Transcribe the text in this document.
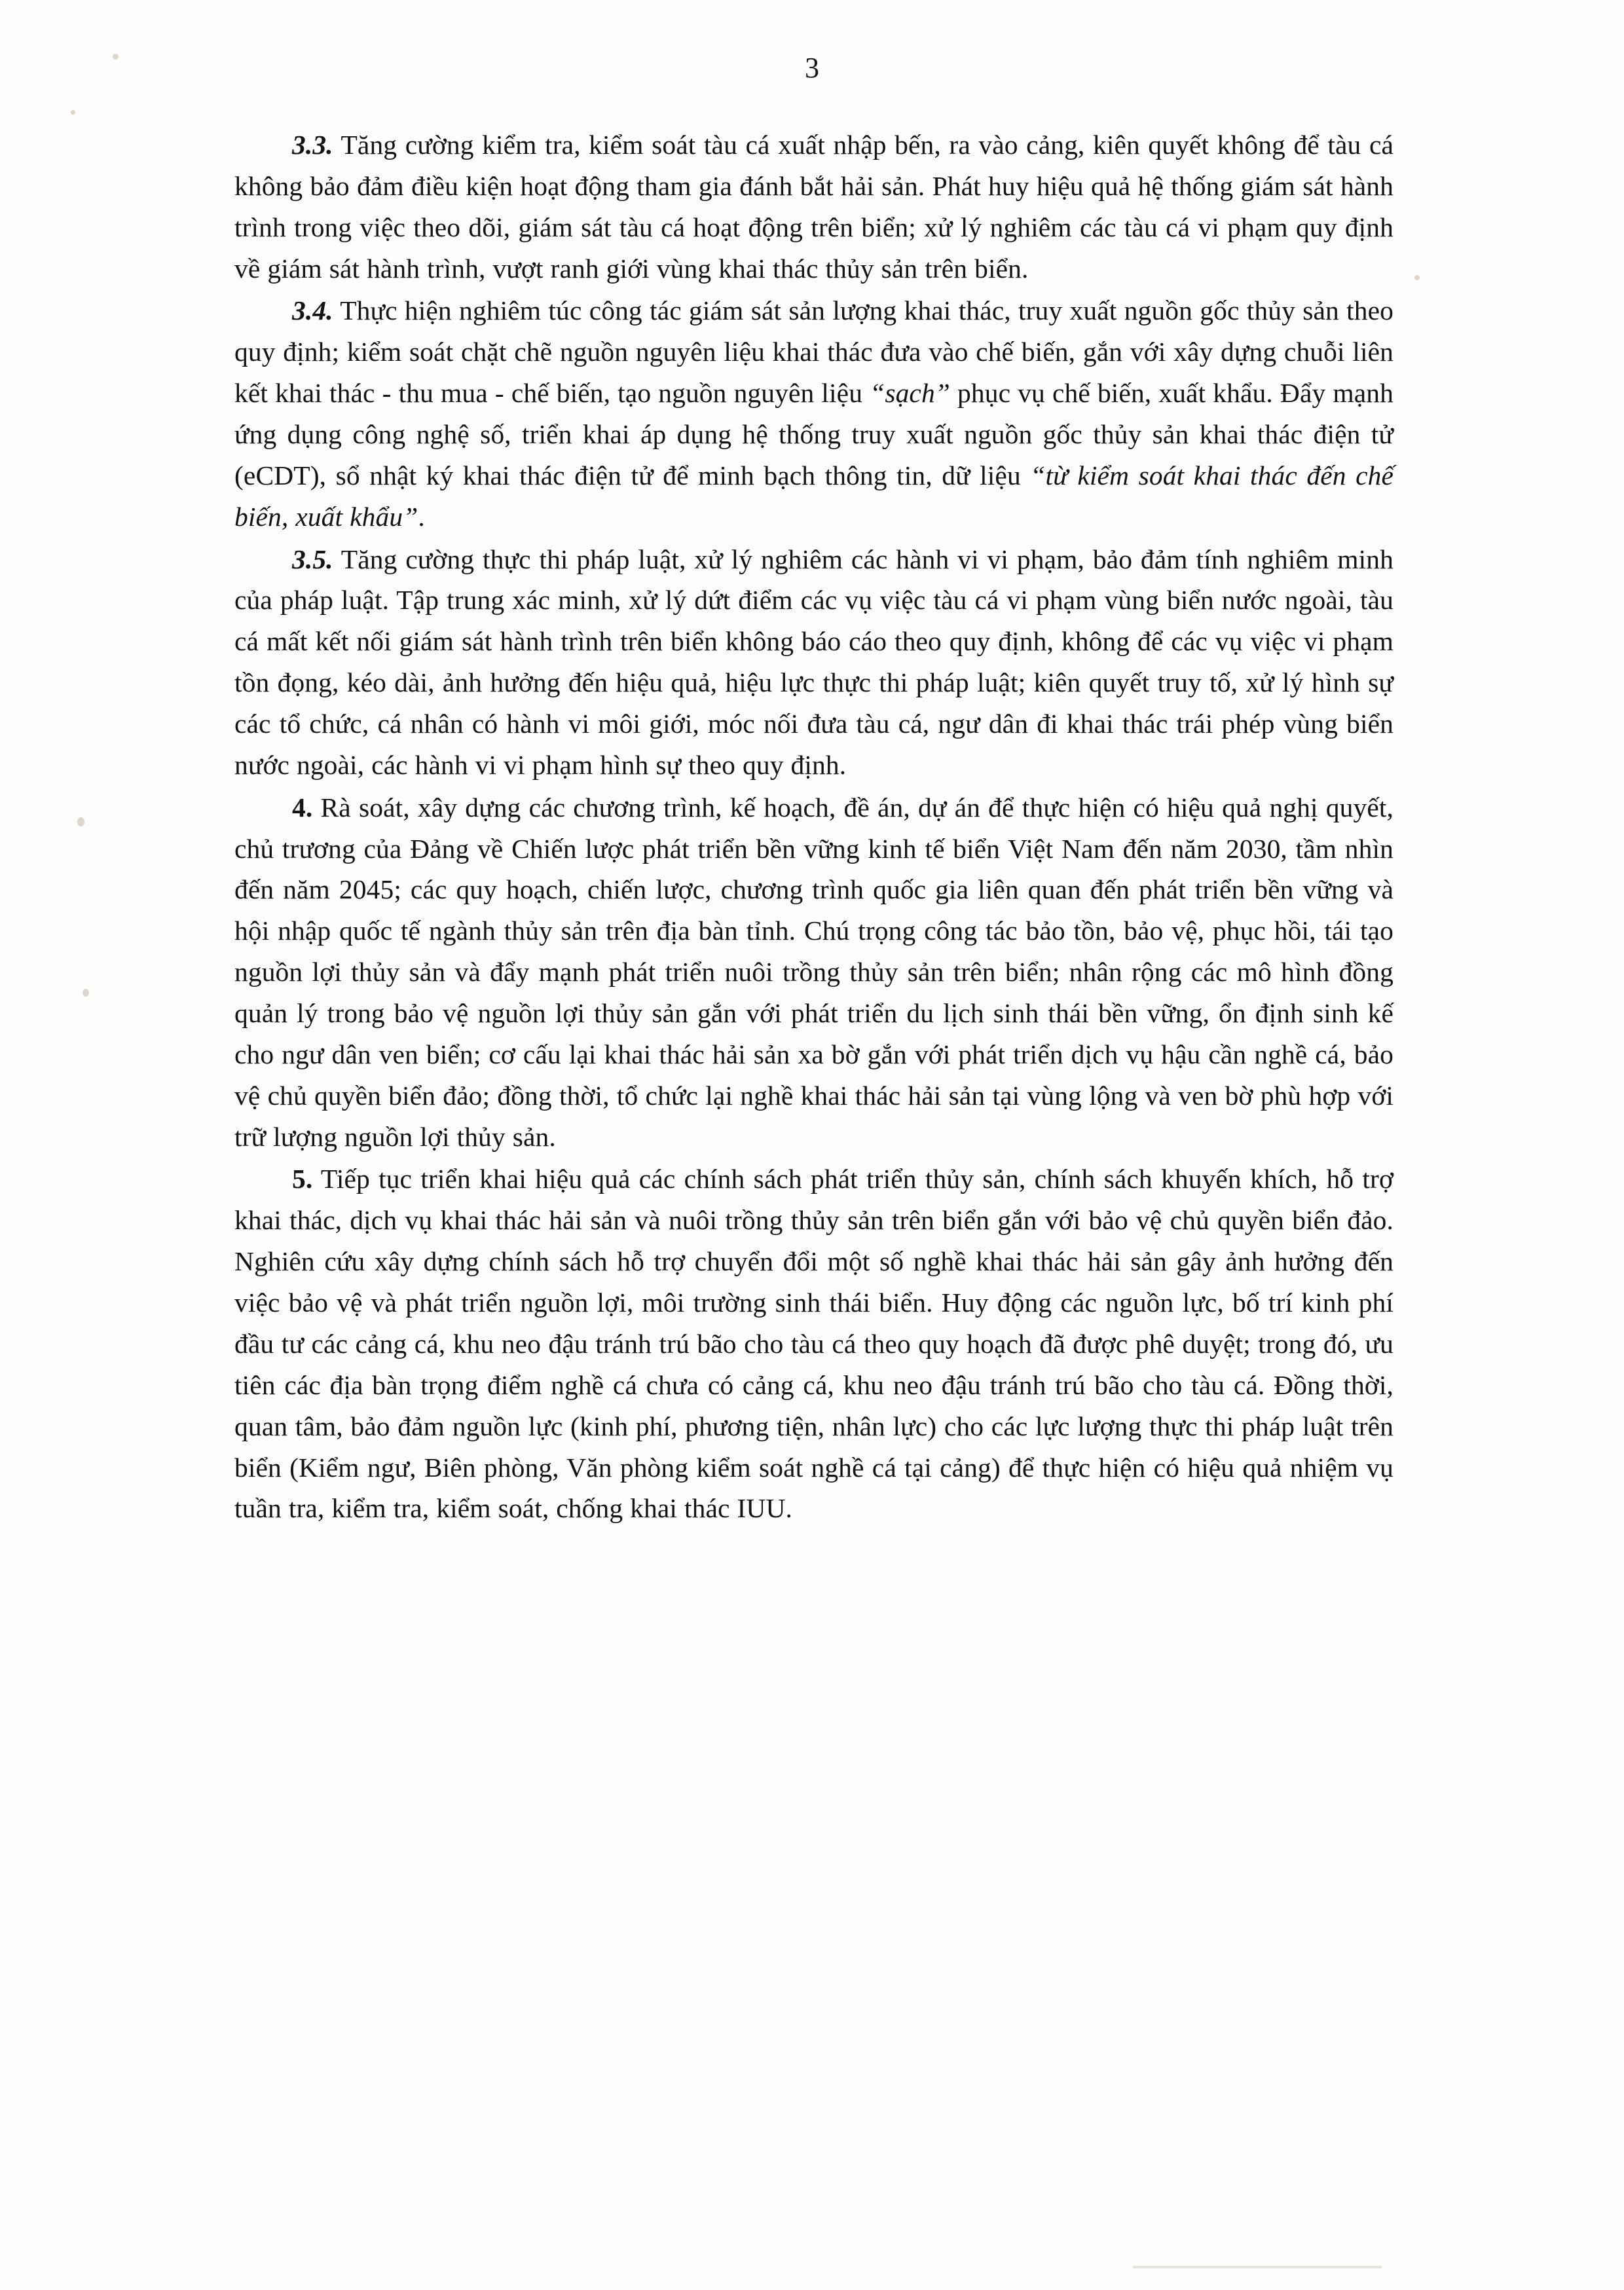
3

3.3. Tăng cường kiểm tra, kiểm soát tàu cá xuất nhập bến, ra vào cảng, kiên quyết không để tàu cá không bảo đảm điều kiện hoạt động tham gia đánh bắt hải sản. Phát huy hiệu quả hệ thống giám sát hành trình trong việc theo dõi, giám sát tàu cá hoạt động trên biển; xử lý nghiêm các tàu cá vi phạm quy định về giám sát hành trình, vượt ranh giới vùng khai thác thủy sản trên biển.

3.4. Thực hiện nghiêm túc công tác giám sát sản lượng khai thác, truy xuất nguồn gốc thủy sản theo quy định; kiểm soát chặt chẽ nguồn nguyên liệu khai thác đưa vào chế biến, gắn với xây dựng chuỗi liên kết khai thác - thu mua - chế biến, tạo nguồn nguyên liệu “sạch” phục vụ chế biến, xuất khẩu. Đẩy mạnh ứng dụng công nghệ số, triển khai áp dụng hệ thống truy xuất nguồn gốc thủy sản khai thác điện tử (eCDT), sổ nhật ký khai thác điện tử để minh bạch thông tin, dữ liệu “từ kiểm soát khai thác đến chế biến, xuất khẩu”.

3.5. Tăng cường thực thi pháp luật, xử lý nghiêm các hành vi vi phạm, bảo đảm tính nghiêm minh của pháp luật. Tập trung xác minh, xử lý dứt điểm các vụ việc tàu cá vi phạm vùng biển nước ngoài, tàu cá mất kết nối giám sát hành trình trên biển không báo cáo theo quy định, không để các vụ việc vi phạm tồn đọng, kéo dài, ảnh hưởng đến hiệu quả, hiệu lực thực thi pháp luật; kiên quyết truy tố, xử lý hình sự các tổ chức, cá nhân có hành vi môi giới, móc nối đưa tàu cá, ngư dân đi khai thác trái phép vùng biển nước ngoài, các hành vi vi phạm hình sự theo quy định.

4. Rà soát, xây dựng các chương trình, kế hoạch, đề án, dự án để thực hiện có hiệu quả nghị quyết, chủ trương của Đảng về Chiến lược phát triển bền vững kinh tế biển Việt Nam đến năm 2030, tầm nhìn đến năm 2045; các quy hoạch, chiến lược, chương trình quốc gia liên quan đến phát triển bền vững và hội nhập quốc tế ngành thủy sản trên địa bàn tỉnh. Chú trọng công tác bảo tồn, bảo vệ, phục hồi, tái tạo nguồn lợi thủy sản và đẩy mạnh phát triển nuôi trồng thủy sản trên biển; nhân rộng các mô hình đồng quản lý trong bảo vệ nguồn lợi thủy sản gắn với phát triển du lịch sinh thái bền vững, ổn định sinh kế cho ngư dân ven biển; cơ cấu lại khai thác hải sản xa bờ gắn với phát triển dịch vụ hậu cần nghề cá, bảo vệ chủ quyền biển đảo; đồng thời, tổ chức lại nghề khai thác hải sản tại vùng lộng và ven bờ phù hợp với trữ lượng nguồn lợi thủy sản.

5. Tiếp tục triển khai hiệu quả các chính sách phát triển thủy sản, chính sách khuyến khích, hỗ trợ khai thác, dịch vụ khai thác hải sản và nuôi trồng thủy sản trên biển gắn với bảo vệ chủ quyền biển đảo. Nghiên cứu xây dựng chính sách hỗ trợ chuyển đổi một số nghề khai thác hải sản gây ảnh hưởng đến việc bảo vệ và phát triển nguồn lợi, môi trường sinh thái biển. Huy động các nguồn lực, bố trí kinh phí đầu tư các cảng cá, khu neo đậu tránh trú bão cho tàu cá theo quy hoạch đã được phê duyệt; trong đó, ưu tiên các địa bàn trọng điểm nghề cá chưa có cảng cá, khu neo đậu tránh trú bão cho tàu cá. Đồng thời, quan tâm, bảo đảm nguồn lực (kinh phí, phương tiện, nhân lực) cho các lực lượng thực thi pháp luật trên biển (Kiểm ngư, Biên phòng, Văn phòng kiểm soát nghề cá tại cảng) để thực hiện có hiệu quả nhiệm vụ tuần tra, kiểm tra, kiểm soát, chống khai thác IUU.
